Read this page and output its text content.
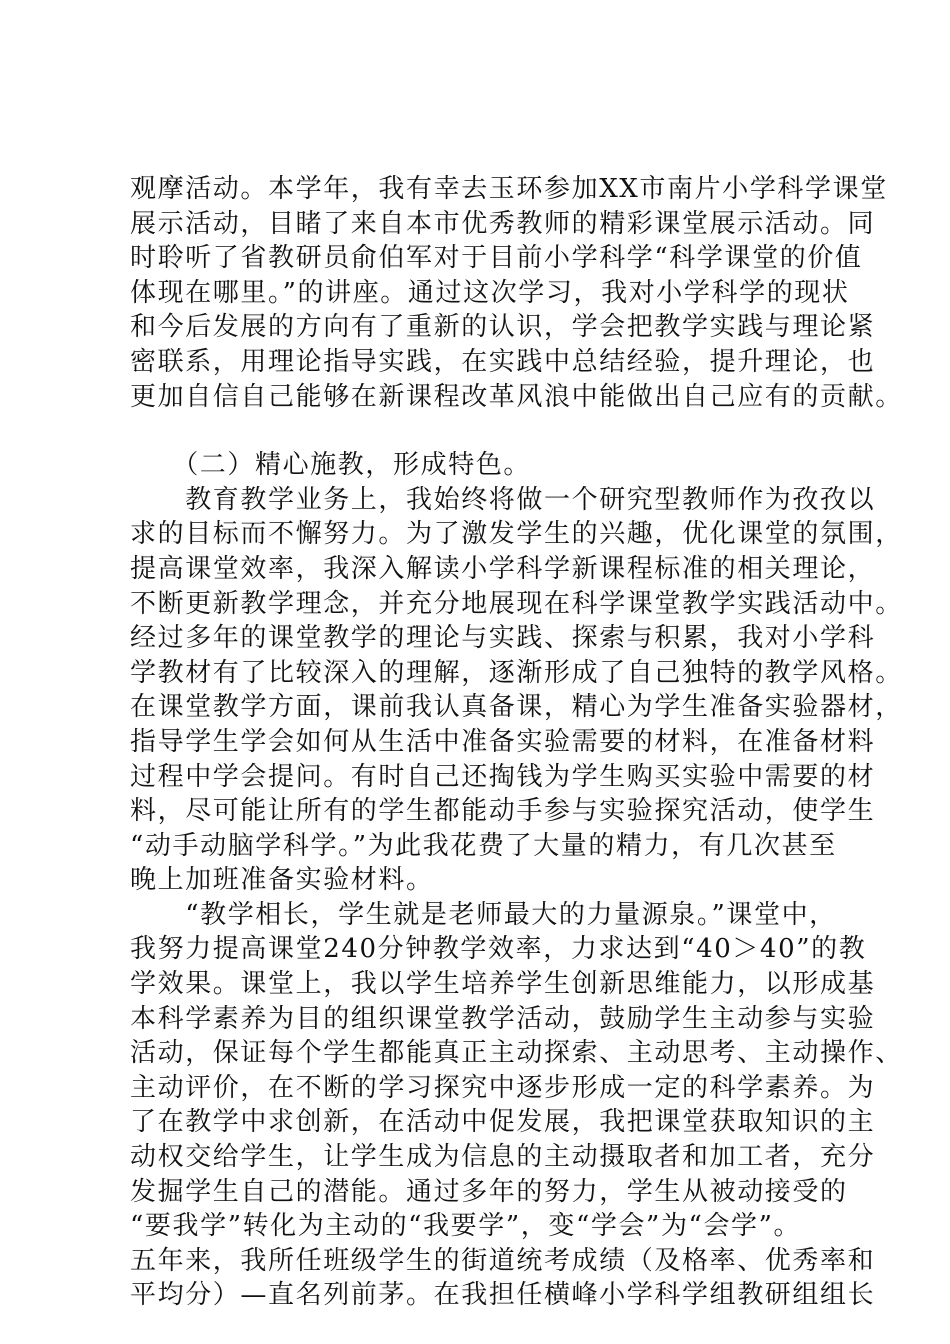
观摩活动。本学年，我有幸去玉环参加XX市南片小学科学课堂
展示活动，目睹了来自本市优秀教师的精彩课堂展示活动。同
时聆听了省教研员俞伯军对于目前小学科学“科学课堂的价值
体现在哪里。”的讲座。通过这次学习，我对小学科学的现状
和今后发展的方向有了重新的认识，学会把教学实践与理论紧
密联系，用理论指导实践，在实践中总结经验，提升理论，也
更加自信自己能够在新课程改革风浪中能做出自己应有的贡献。
　　（二）精心施教，形成特色。
　　教育教学业务上，我始终将做一个研究型教师作为孜孜以
求的目标而不懈努力。为了激发学生的兴趣，优化课堂的氛围，
提高课堂效率，我深入解读小学科学新课程标准的相关理论，
不断更新教学理念，并充分地展现在科学课堂教学实践活动中。
经过多年的课堂教学的理论与实践、探索与积累，我对小学科
学教材有了比较深入的理解，逐渐形成了自己独特的教学风格。
在课堂教学方面，课前我认真备课，精心为学生准备实验器材，
指导学生学会如何从生活中准备实验需要的材料，在准备材料
过程中学会提问。有时自己还掏钱为学生购买实验中需要的材
料，尽可能让所有的学生都能动手参与实验探究活动，使学生
“动手动脑学科学。”为此我花费了大量的精力，有几次甚至
晚上加班准备实验材料。
　　“教学相长，学生就是老师最大的力量源泉。”课堂中，
我努力提高课堂240分钟教学效率，力求达到“40＞40”的教
学效果。课堂上，我以学生培养学生创新思维能力，以形成基
本科学素养为目的组织课堂教学活动，鼓励学生主动参与实验
活动，保证每个学生都能真正主动探索、主动思考、主动操作、
主动评价，在不断的学习探究中逐步形成一定的科学素养。为
了在教学中求创新，在活动中促发展，我把课堂获取知识的主
动权交给学生，让学生成为信息的主动摄取者和加工者，充分
发掘学生自己的潜能。通过多年的努力，学生从被动接受的
“要我学”转化为主动的“我要学”，变“学会”为“会学”。
五年来，我所任班级学生的街道统考成绩（及格率、优秀率和
平均分）—直名列前茅。在我担任横峰小学科学组教研组组长
